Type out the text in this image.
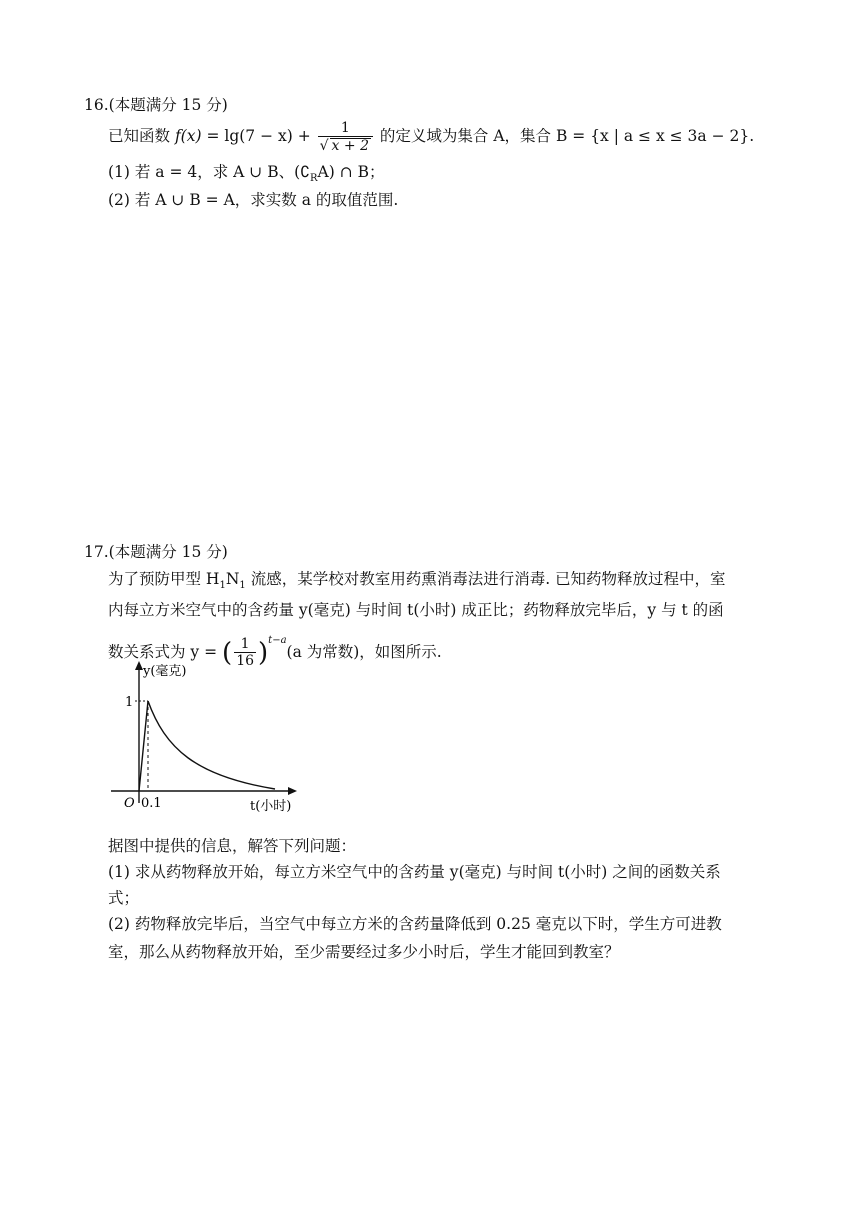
16.(本题满分 15 分)
已知函数 $f(x) = \lg(7 - x) + \frac{1}{√ x + 2}$ 的定义域为集合 A，集合 B = {x | a ≤ x ≤ 3a − 2}.
(1) 若 a = 4，求 A ∪ B、$(∁_RA)$ ∩ B；
(2) 若 A ∪ B = A，求实数 a 的取值范围.
17.(本题满分 15 分)
为了预防甲型 $H_1N_1$ 流感，某学校对教室用药熏消毒法进行消毒. 已知药物释放过程中，室
内每立方米空气中的含药量 y(毫克) 与时间 t(小时) 成正比；药物释放完毕后，y 与 t 的函
数关系式为 y = ( $\frac{1}{16} )^{t-a}(a$ 为常数)，如图所示.
y(毫克)
1
O 0.1	t(小时)
据图中提供的信息，解答下列问题：
(1) 求从药物释放开始，每立方米空气中的含药量 y(毫克) 与时间 t(小时) 之间的函数关系
式；
(2) 药物释放完毕后，当空气中每立方米的含药量降低到 0.25 毫克以下时，学生方可进教
室，那么从药物释放开始，至少需要经过多少小时后，学生才能回到教室？
